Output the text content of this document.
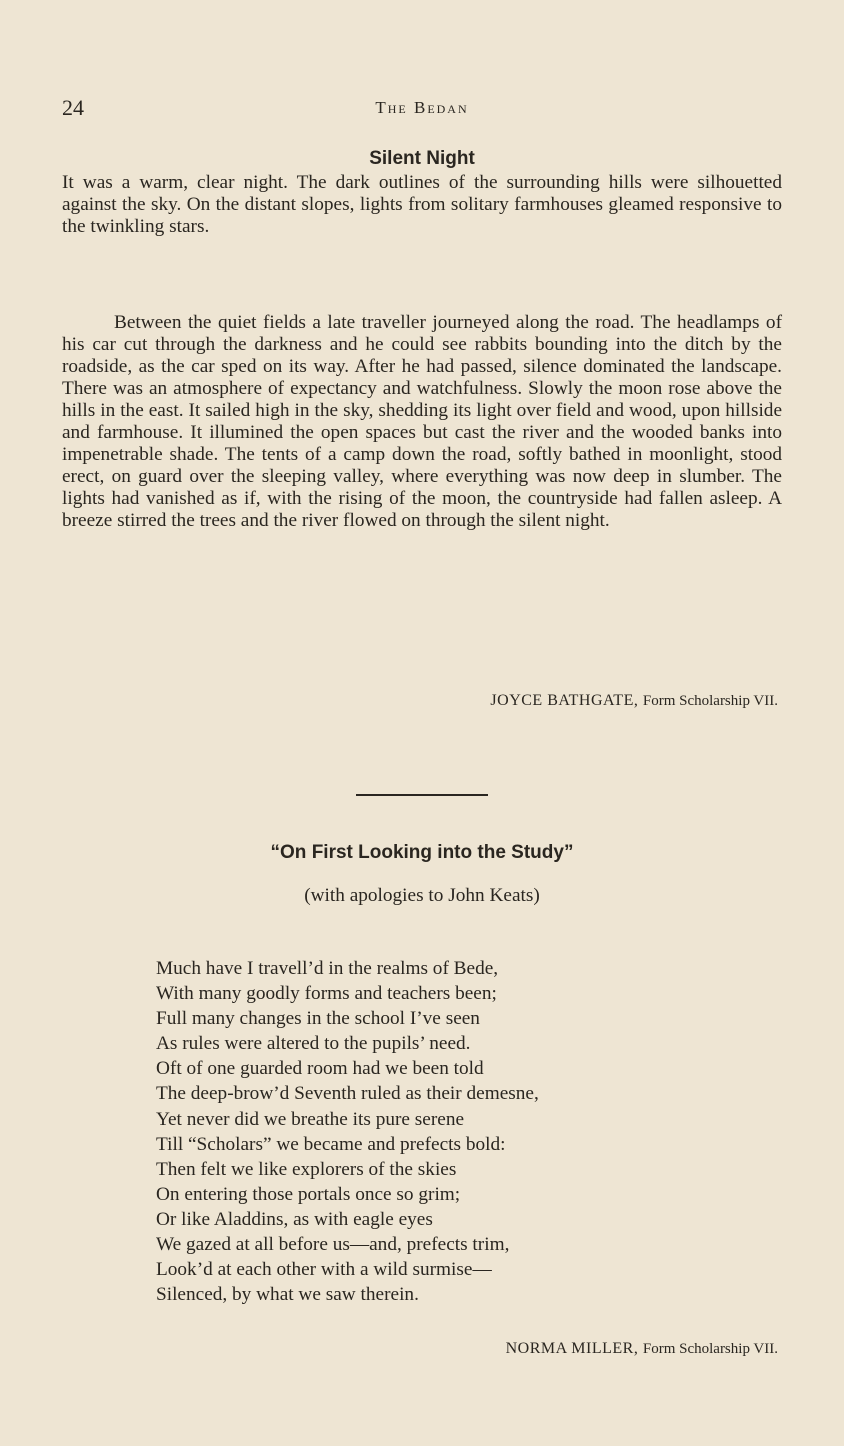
24	The Bedan
Silent Night

It was a warm, clear night. The dark outlines of the surrounding hills were silhouetted against the sky. On the distant slopes, lights from solitary farmhouses gleamed responsive to the twinkling stars.

Between the quiet fields a late traveller journeyed along the road. The headlamps of his car cut through the darkness and he could see rabbits bounding into the ditch by the roadside, as the car sped on its way. After he had passed, silence dominated the landscape. There was an atmosphere of expectancy and watchfulness. Slowly the moon rose above the hills in the east. It sailed high in the sky, shedding its light over field and wood, upon hillside and farmhouse. It illumined the open spaces but cast the river and the wooded banks into impenetrable shade. The tents of a camp down the road, softly bathed in moonlight, stood erect, on guard over the sleeping valley, where everything was now deep in slumber. The lights had vanished as if, with the rising of the moon, the countryside had fallen asleep. A breeze stirred the trees and the river flowed on through the silent night.

JOYCE BATHGATE, Form Scholarship VII.
“On First Looking into the Study”
(with apologies to John Keats)
Much have I travell’d in the realms of Bede,
With many goodly forms and teachers been;
Full many changes in the school I’ve seen
As rules were altered to the pupils’ need.
Oft of one guarded room had we been told
The deep-brow’d Seventh ruled as their demesne,
Yet never did we breathe its pure serene
Till “Scholars” we became and prefects bold:
Then felt we like explorers of the skies
On entering those portals once so grim;
Or like Aladdins, as with eagle eyes
We gazed at all before us—and, prefects trim,
Look’d at each other with a wild surmise—
Silenced, by what we saw therein.
NORMA MILLER, Form Scholarship VII.
